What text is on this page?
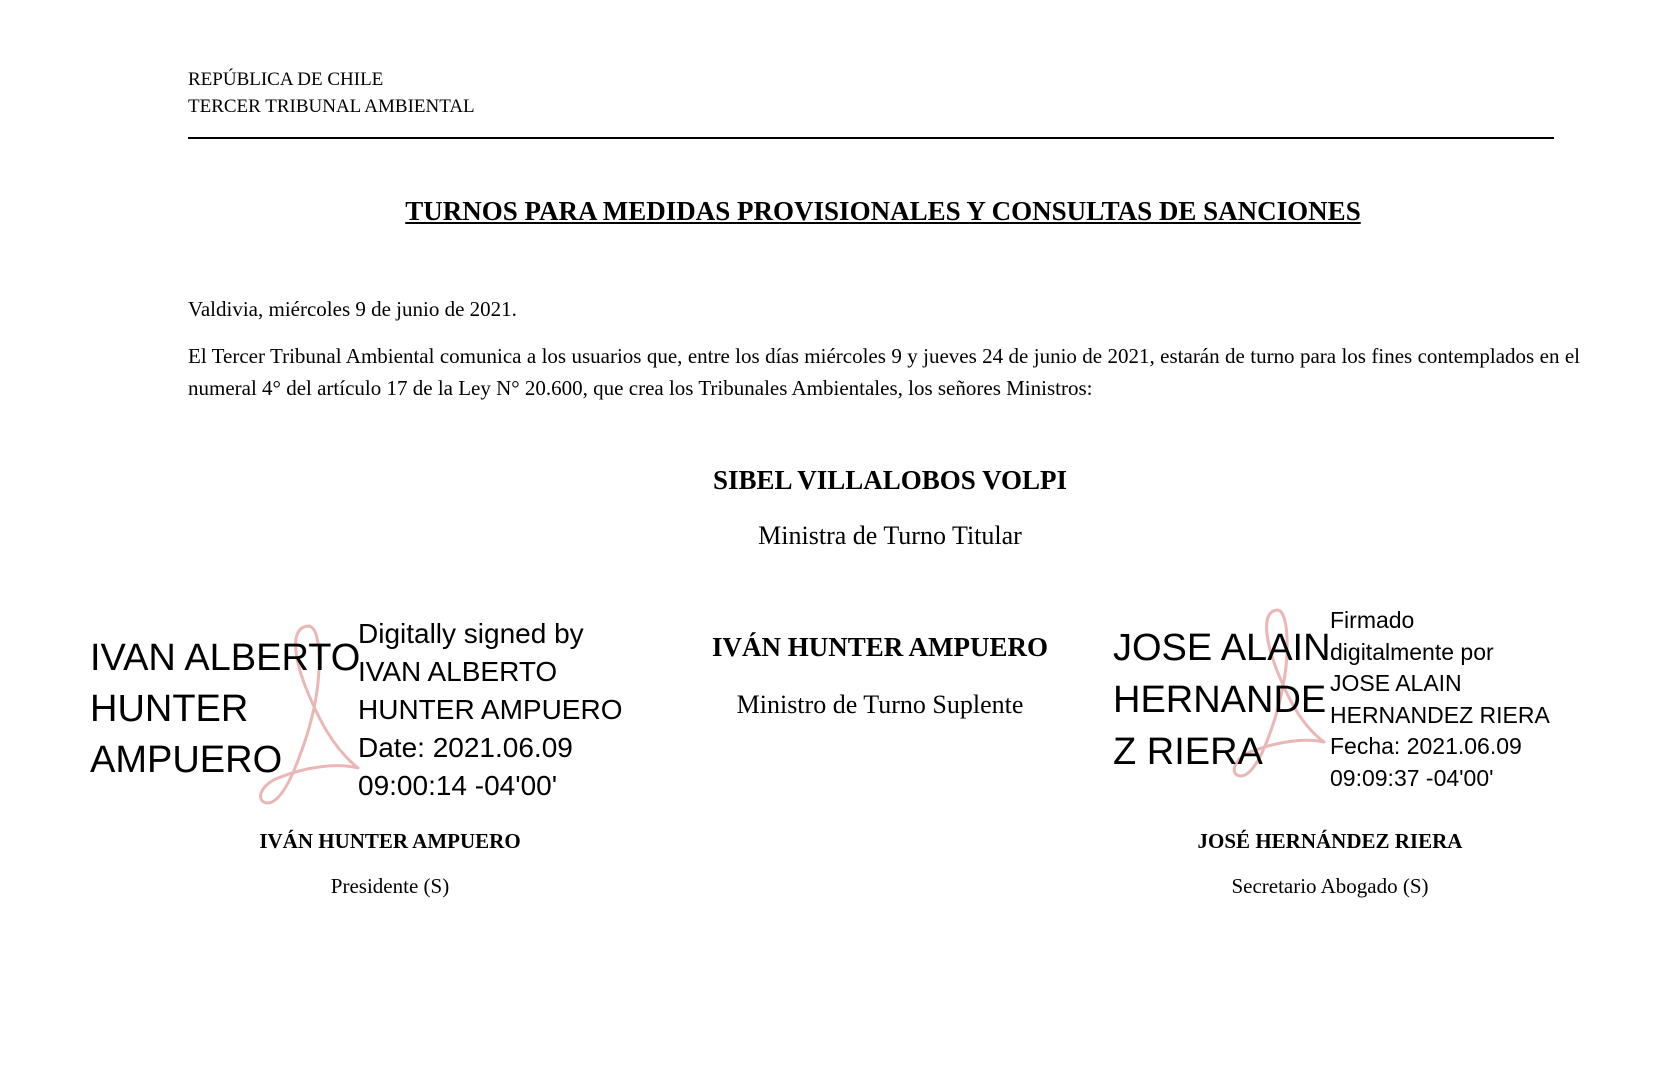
REPÚBLICA DE CHILE
TERCER TRIBUNAL AMBIENTAL
TURNOS PARA MEDIDAS PROVISIONALES Y CONSULTAS DE SANCIONES
Valdivia, miércoles 9 de junio de 2021.
El Tercer Tribunal Ambiental comunica a los usuarios que, entre los días miércoles 9 y jueves 24 de junio de 2021, estarán de turno para los fines contemplados en el numeral 4° del artículo 17 de la Ley N° 20.600, que crea los Tribunales Ambientales, los señores Ministros:
SIBEL VILLALOBOS VOLPI
Ministra de Turno Titular
IVÁN HUNTER AMPUERO
Ministro de Turno Suplente
IVAN ALBERTO
HUNTER
AMPUERO
Digitally signed by
IVAN ALBERTO
HUNTER AMPUERO
Date: 2021.06.09
09:00:14 -04'00'
JOSE ALAIN
HERNANDE
Z RIERA
Firmado
digitalmente por
JOSE ALAIN
HERNANDEZ RIERA
Fecha: 2021.06.09
09:09:37 -04'00'
IVÁN HUNTER AMPUERO
Presidente (S)
JOSÉ HERNÁNDEZ RIERA
Secretario Abogado (S)
